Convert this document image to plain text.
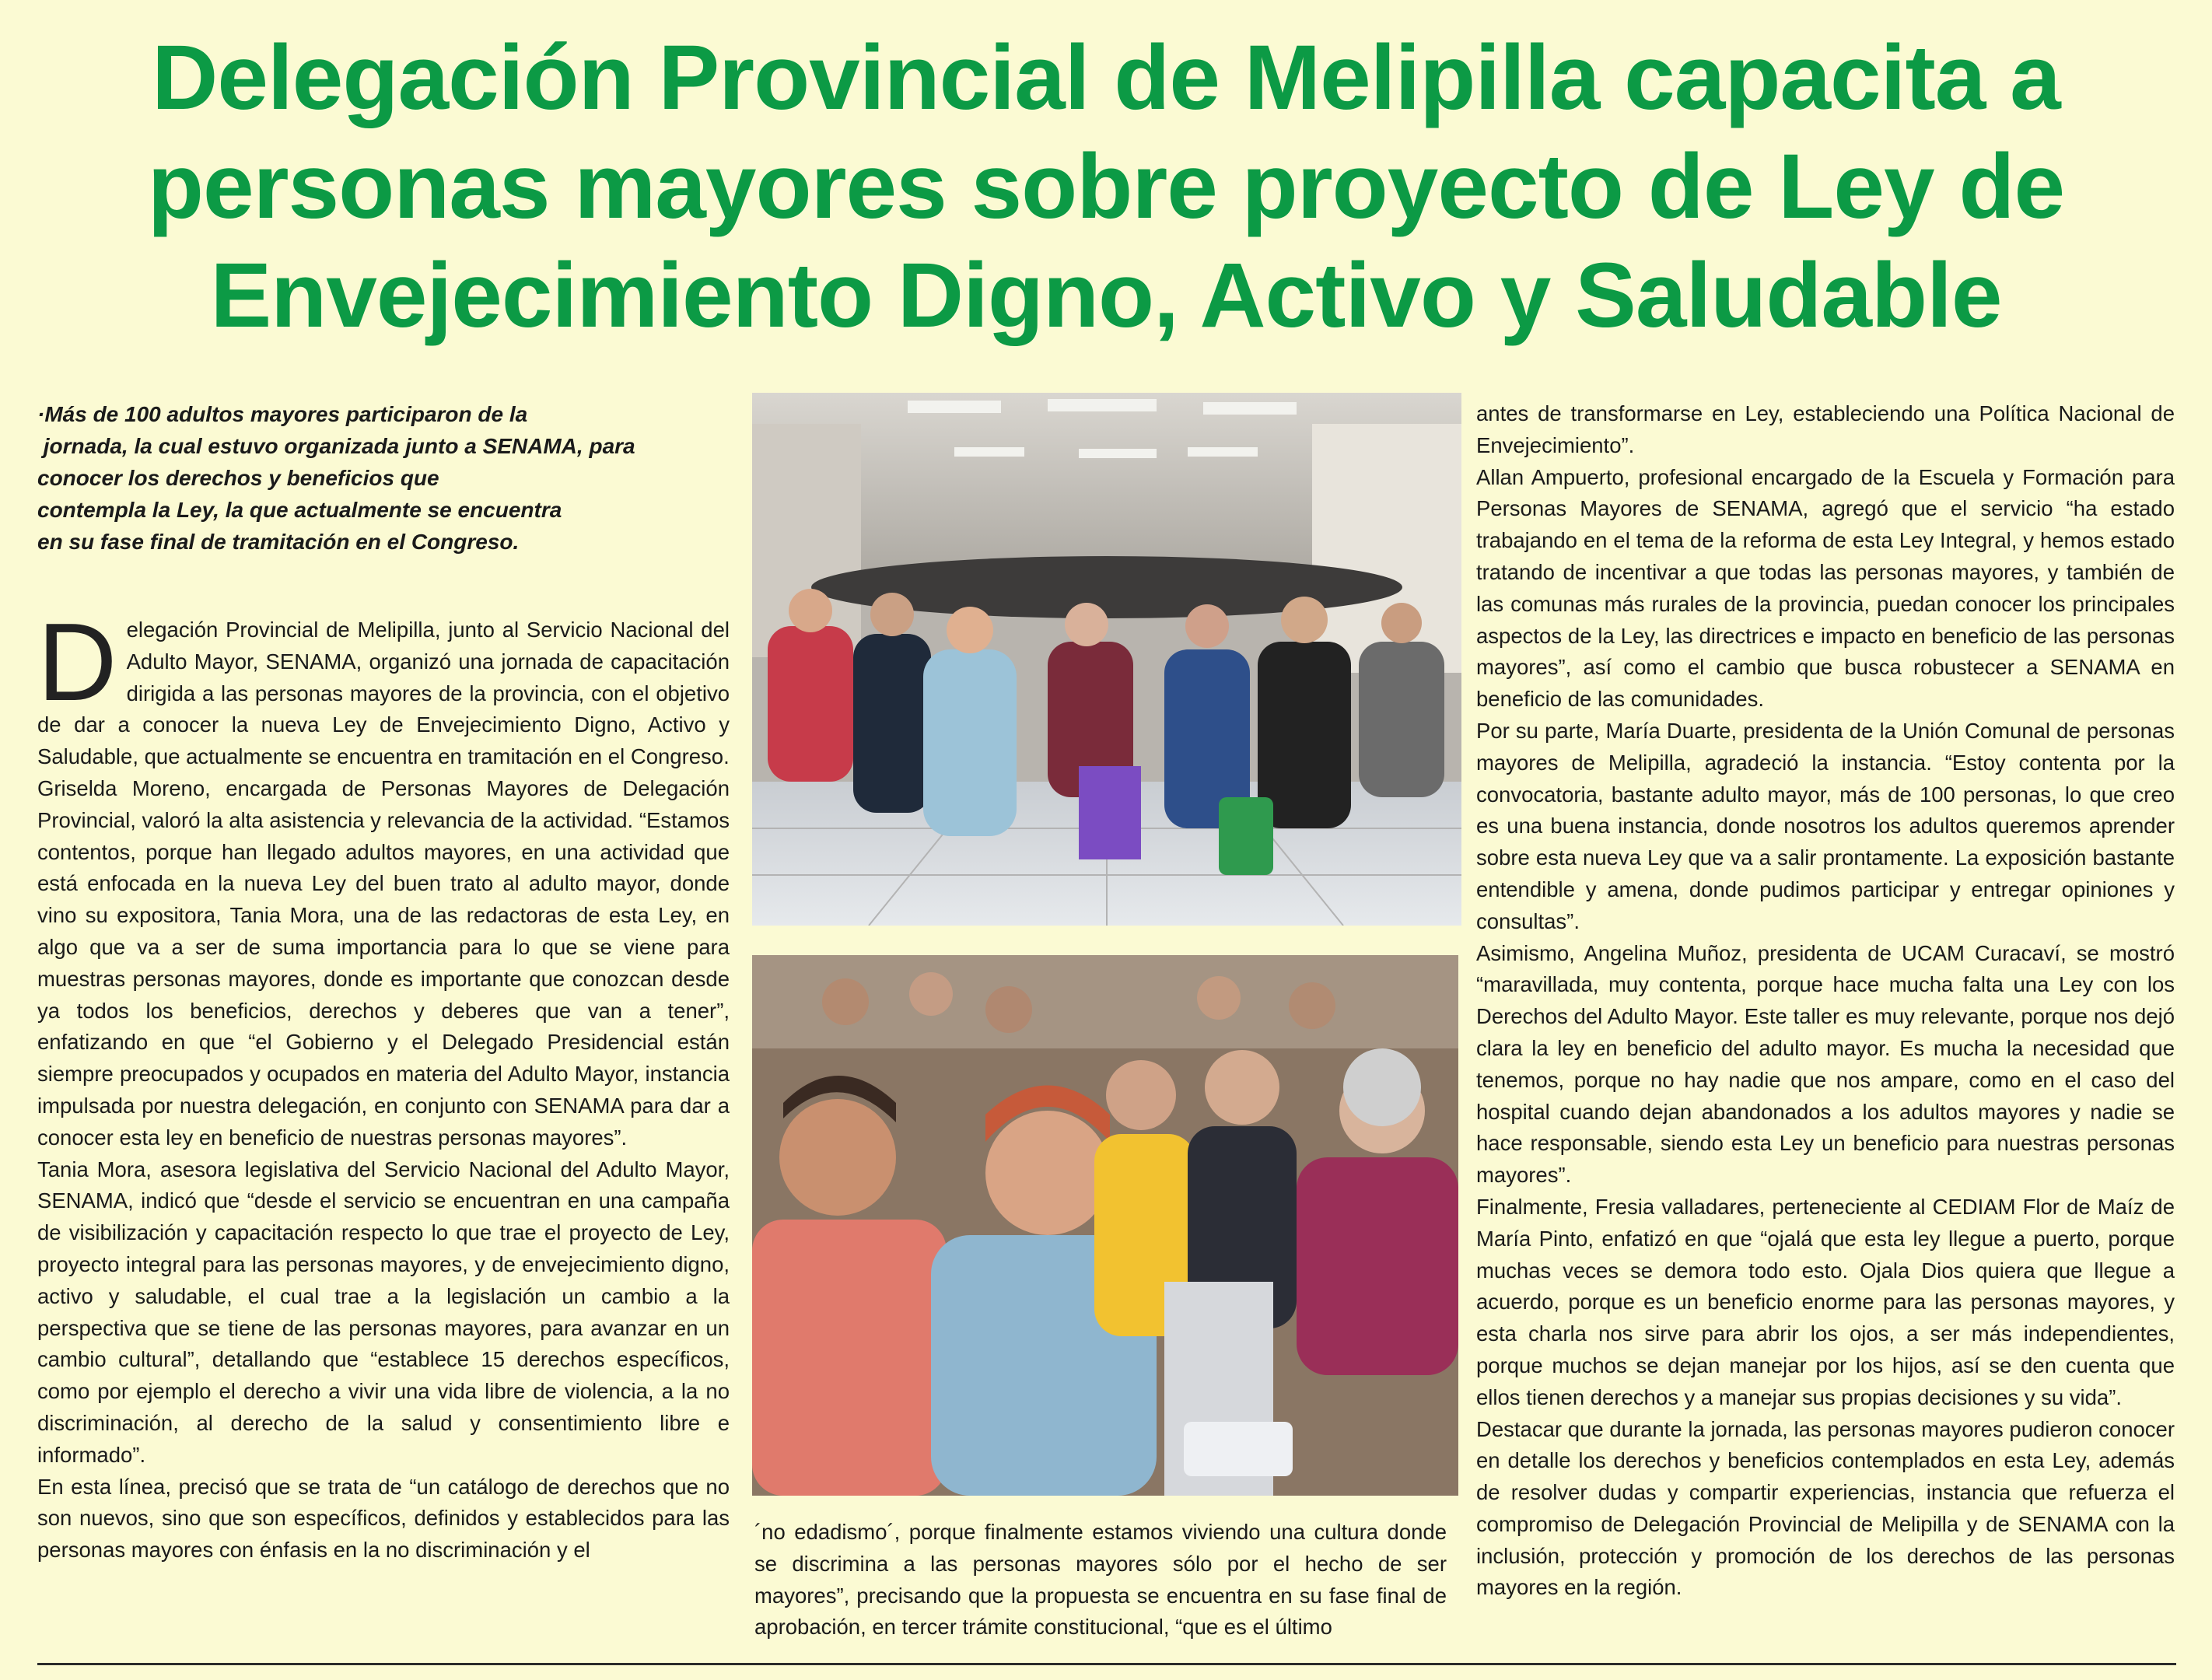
Delegación Provincial de Melipilla capacita a
personas mayores sobre proyecto de Ley de
Envejecimiento Digno, Activo y Saludable

·Más de 100 adultos mayores participaron de la

jornada, la cual estuvo organizada junto a SENAMA, para

conocer los derechos y beneficios que

contempla la Ley, la que actualmente se encuentra

en su fase final de tramitación en el Congreso.

Delegación Provincial de Melipilla, junto al Servicio Nacional del Adulto Mayor, SENAMA, organizó una jornada de capacitación dirigida a las personas mayores de la provincia, con el objetivo de dar a conocer la nueva Ley de Envejecimiento Digno, Activo y Saludable, que actualmente se encuentra en tramitación en el Congreso.

Griselda Moreno, encargada de Personas Mayores de Delegación Provincial, valoró la alta asistencia y relevancia de la actividad. “Estamos contentos, porque han llegado adultos mayores, en una actividad que está enfocada en la nueva Ley del buen trato al adulto mayor, donde vino su expositora, Tania Mora, una de las redactoras de esta Ley, en algo que va a ser de suma importancia para lo que se viene para muestras personas mayores, donde es importante que conozcan desde ya todos los beneficios, derechos y deberes que van a tener”, enfatizando en que “el Gobierno y el Delegado Presidencial están siempre preocupados y ocupados en materia del Adulto Mayor, instancia impulsada por nuestra delegación, en conjunto con SENAMA para dar a conocer esta ley en beneficio de nuestras personas mayores”.

Tania Mora, asesora legislativa del Servicio Nacional del Adulto Mayor, SENAMA, indicó que “desde el servicio se encuentran en una campaña de visibilización y capacitación respecto lo que trae el proyecto de Ley, proyecto integral para las personas mayores, y de envejecimiento digno, activo y saludable, el cual trae a la legislación un cambio a la perspectiva que se tiene de las personas mayores, para avanzar en un cambio cultural”, detallando que “establece 15 derechos específicos, como por ejemplo el derecho a vivir una vida libre de violencia, a la no discriminación, al derecho de la salud y consentimiento libre e informado”.

En esta línea, precisó que se trata de “un catálogo de derechos que no son nuevos, sino que son específicos, definidos y establecidos para las personas mayores con énfasis en la no discriminación y el

´no edadismo´, porque finalmente estamos viviendo una cultura donde se discrimina a las personas mayores sólo por el hecho de ser mayores”, precisando que la propuesta se encuentra en su fase final de aprobación, en tercer trámite constitucional, “que es el último

antes de transformarse en Ley, estableciendo una Política Nacional de Envejecimiento”.

Allan Ampuerto, profesional encargado de la Escuela y Formación para Personas Mayores de SENAMA, agregó que el servicio “ha estado trabajando en el tema de la reforma de esta Ley Integral, y hemos estado tratando de incentivar a que todas las personas mayores, y también de las comunas más rurales de la provincia, puedan conocer los principales aspectos de la Ley, las directrices e impacto en beneficio de las personas mayores”, así como el cambio que busca robustecer a SENAMA en beneficio de las comunidades.

Por su parte, María Duarte, presidenta de la Unión Comunal de personas mayores de Melipilla, agradeció la instancia. “Estoy contenta por la convocatoria, bastante adulto mayor, más de 100 personas, lo que creo es una buena instancia, donde nosotros los adultos queremos aprender sobre esta nueva Ley que va a salir prontamente. La exposición bastante entendible y amena, donde pudimos participar y entregar opiniones y consultas”.

Asimismo, Angelina Muñoz, presidenta de UCAM Curacaví, se mostró “maravillada, muy contenta, porque hace mucha falta una Ley con los Derechos del Adulto Mayor. Este taller es muy relevante, porque nos dejó clara la ley en beneficio del adulto mayor. Es mucha la necesidad que tenemos, porque no hay nadie que nos ampare, como en el caso del hospital cuando dejan abandonados a los adultos mayores y nadie se hace responsable, siendo esta Ley un beneficio para nuestras personas mayores”.

Finalmente, Fresia valladares, perteneciente al CEDIAM Flor de Maíz de María Pinto, enfatizó en que “ojalá que esta ley llegue a puerto, porque muchas veces se demora todo esto. Ojala Dios quiera que llegue a acuerdo, porque es un beneficio enorme para las personas mayores, y esta charla nos sirve para abrir los ojos, a ser más independientes, porque muchos se dejan manejar por los hijos, así se den cuenta que ellos tienen derechos y a manejar sus propias decisiones y su vida”.

Destacar que durante la jornada, las personas mayores pudieron conocer en detalle los derechos y beneficios contemplados en esta Ley, además de resolver dudas y compartir experiencias, instancia que refuerza el compromiso de Delegación Provincial de Melipilla y de SENAMA con la inclusión, protección y promoción de los derechos de las personas mayores en la región.
